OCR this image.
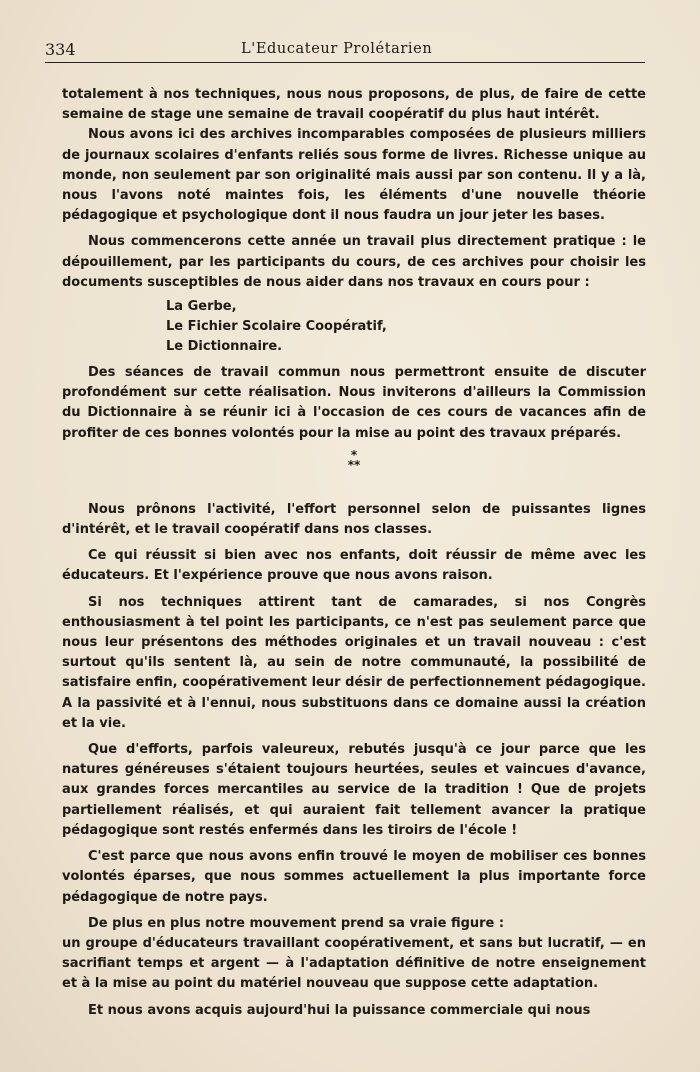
334	L'Educateur Prolétarien

totalement à nos techniques, nous nous proposons, de plus, de faire de cette semaine de stage une semaine de travail coopératif du plus haut intérêt.

Nous avons ici des archives incomparables composées de plusieurs milliers de journaux scolaires d'enfants reliés sous forme de livres. Richesse unique au monde, non seulement par son originalité mais aussi par son contenu. Il y a là, nous l'avons noté maintes fois, les éléments d'une nouvelle théorie pédagogique et psychologique dont il nous faudra un jour jeter les bases.

Nous commencerons cette année un travail plus directement pratique : le dépouillement, par les participants du cours, de ces archives pour choisir les documents susceptibles de nous aider dans nos travaux en cours pour :

La Gerbe,
Le Fichier Scolaire Coopératif,
Le Dictionnaire.

Des séances de travail commun nous permettront ensuite de discuter profondément sur cette réalisation. Nous inviterons d'ailleurs la Commission du Dictionnaire à se réunir ici à l'occasion de ces cours de vacances afin de profiter de ces bonnes volontés pour la mise au point des travaux préparés.

*
**

Nous prônons l'activité, l'effort personnel selon de puissantes lignes d'intérêt, et le travail coopératif dans nos classes.

Ce qui réussit si bien avec nos enfants, doit réussir de même avec les éducateurs. Et l'expérience prouve que nous avons raison.

Si nos techniques attirent tant de camarades, si nos Congrès enthousiasment à tel point les participants, ce n'est pas seulement parce que nous leur présentons des méthodes originales et un travail nouveau : c'est surtout qu'ils sentent là, au sein de notre communauté, la possibilité de satisfaire enfin, coopérativement leur désir de perfectionnement pédagogique. A la passivité et à l'ennui, nous substituons dans ce domaine aussi la création et la vie.

Que d'efforts, parfois valeureux, rebutés jusqu'à ce jour parce que les natures généreuses s'étaient toujours heurtées, seules et vaincues d'avance, aux grandes forces mercantiles au service de la tradition ! Que de projets partiellement réalisés, et qui auraient fait tellement avancer la pratique pédagogique sont restés enfermés dans les tiroirs de l'école !

C'est parce que nous avons enfin trouvé le moyen de mobiliser ces bonnes volontés éparses, que nous sommes actuellement la plus importante force pédagogique de notre pays.

De plus en plus notre mouvement prend sa vraie figure :

un groupe d'éducateurs travaillant coopérativement, et sans but lucratif, — en sacrifiant temps et argent — à l'adaptation définitive de notre enseignement et à la mise au point du matériel nouveau que suppose cette adaptation.

Et nous avons acquis aujourd'hui la puissance commerciale qui nous
